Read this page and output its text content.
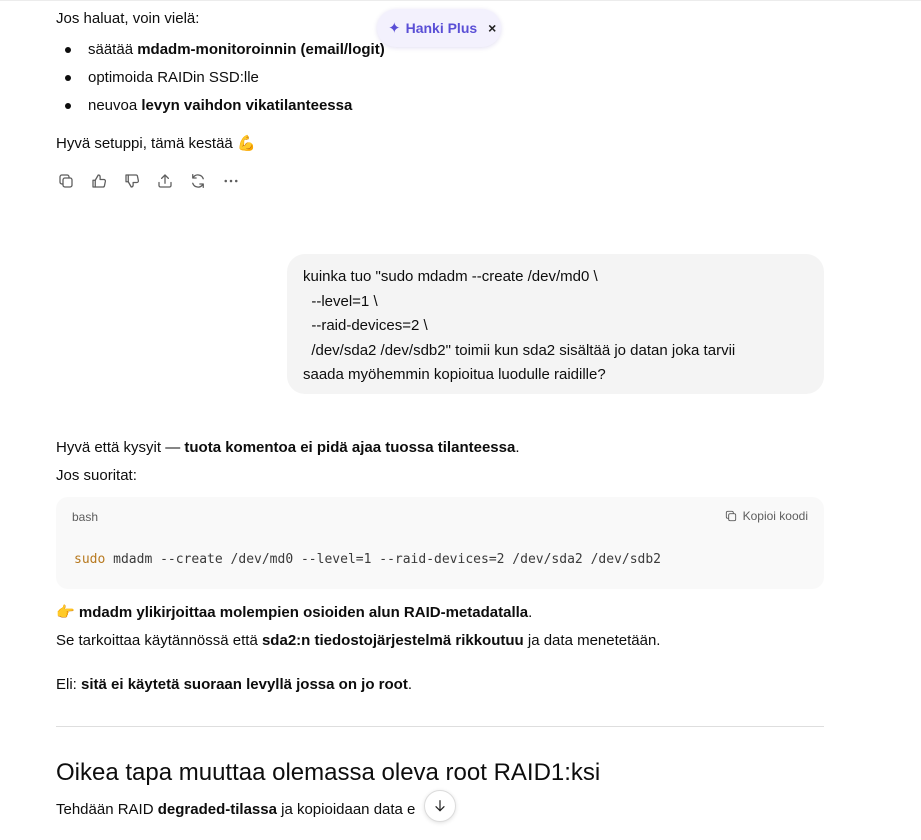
Jos haluat, voin vielä:

säätää mdadm-monitoroinnin (email/logit)
optimoida RAIDin SSD:lle
neuvoa levyn vaihdon vikatilanteessa

Hyvä setuppi, tämä kestää 💪

✦ Hanki Plus ×
kuinka tuo "sudo mdadm --create /dev/md0 \
--level=1 \
--raid-devices=2 \
/dev/sda2 /dev/sdb2" toimii kun sda2 sisältää jo datan joka tarvii
saada myöhemmin kopioitua luodulle raidille?

Hyvä että kysyit — tuota komentoa ei pidä ajaa tuossa tilanteessa.

Jos suoritat:

bash	Kopioi koodi
sudo mdadm --create /dev/md0 --level=1 --raid-devices=2 /dev/sda2 /dev/sdb2

👉 mdadm ylikirjoittaa molempien osioiden alun RAID-metadatalla.

Se tarkoittaa käytännössä että sda2:n tiedostojärjestelmä rikkoutuu ja data menetetään.

Eli: sitä ei käytetä suoraan levyllä jossa on jo root.

Oikea tapa muuttaa olemassa oleva root RAID1:ksi

Tehdään RAID degraded-tilassa ja kopioidaan data e
